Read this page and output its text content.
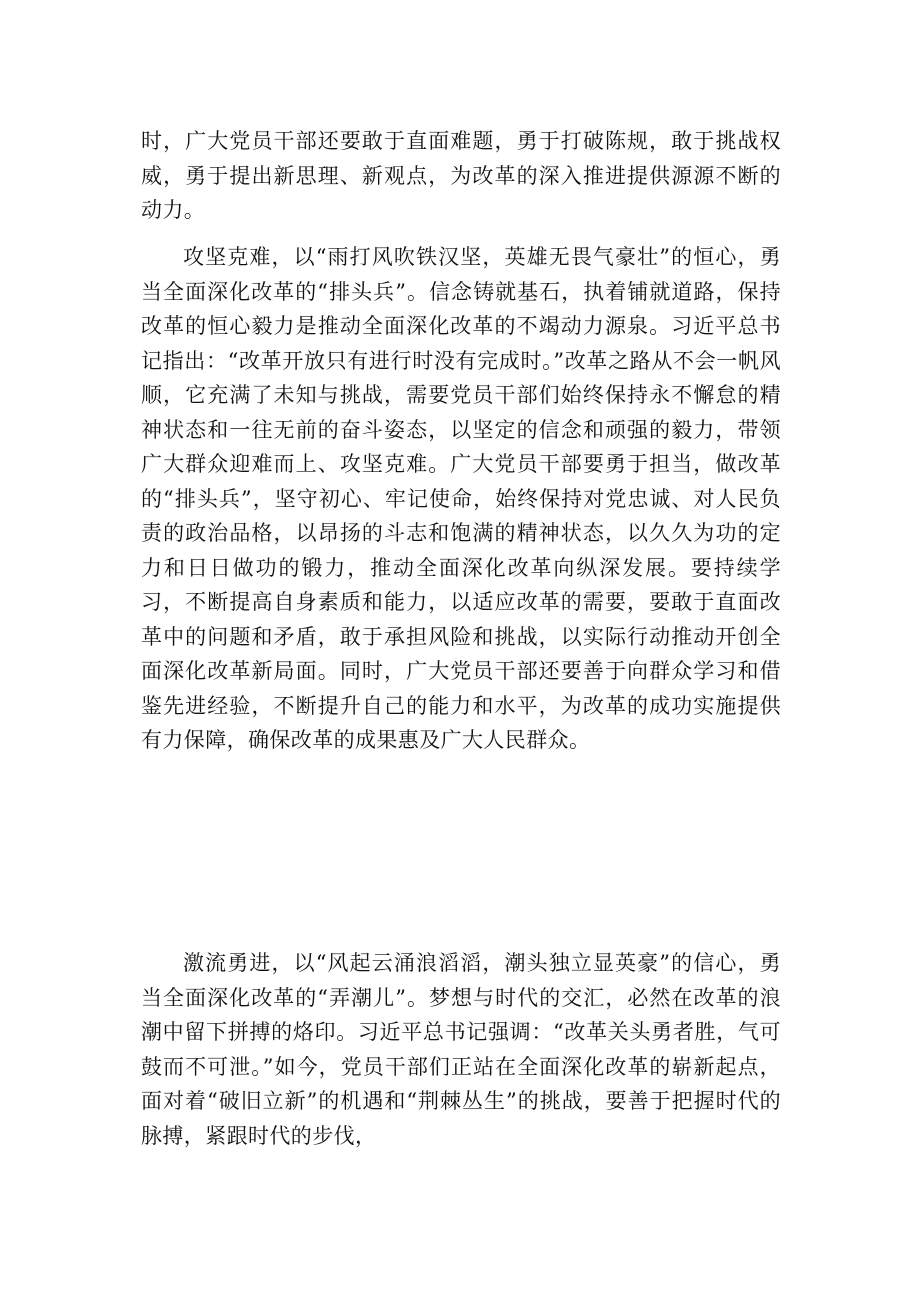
时，广大党员干部还要敢于直面难题，勇于打破陈规，敢于挑战权威，勇于提出新思理、新观点，为改革的深入推进提供源源不断的动力。

攻坚克难，以“雨打风吹铁汉坚，英雄无畏气豪壮”的恒心，勇当全面深化改革的“排头兵”。信念铸就基石，执着铺就道路，保持改革的恒心毅力是推动全面深化改革的不竭动力源泉。习近平总书记指出：“改革开放只有进行时没有完成时。”改革之路从不会一帆风顺，它充满了未知与挑战，需要党员干部们始终保持永不懈怠的精神状态和一往无前的奋斗姿态，以坚定的信念和顽强的毅力，带领广大群众迎难而上、攻坚克难。广大党员干部要勇于担当，做改革的“排头兵”，坚守初心、牢记使命，始终保持对党忠诚、对人民负责的政治品格，以昂扬的斗志和饱满的精神状态，以久久为功的定力和日日做功的锻力，推动全面深化改革向纵深发展。要持续学习，不断提高自身素质和能力，以适应改革的需要，要敢于直面改革中的问题和矛盾，敢于承担风险和挑战，以实际行动推动开创全面深化改革新局面。同时，广大党员干部还要善于向群众学习和借鉴先进经验，不断提升自己的能力和水平，为改革的成功实施提供有力保障，确保改革的成果惠及广大人民群众。

激流勇进，以“风起云涌浪滔滔，潮头独立显英豪”的信心，勇当全面深化改革的“弄潮儿”。梦想与时代的交汇，必然在改革的浪潮中留下拼搏的烙印。习近平总书记强调：“改革关头勇者胜，气可鼓而不可泄。”如今，党员干部们正站在全面深化改革的崭新起点，面对着“破旧立新”的机遇和“荆棘丛生”的挑战，要善于把握时代的脉搏，紧跟时代的步伐，
